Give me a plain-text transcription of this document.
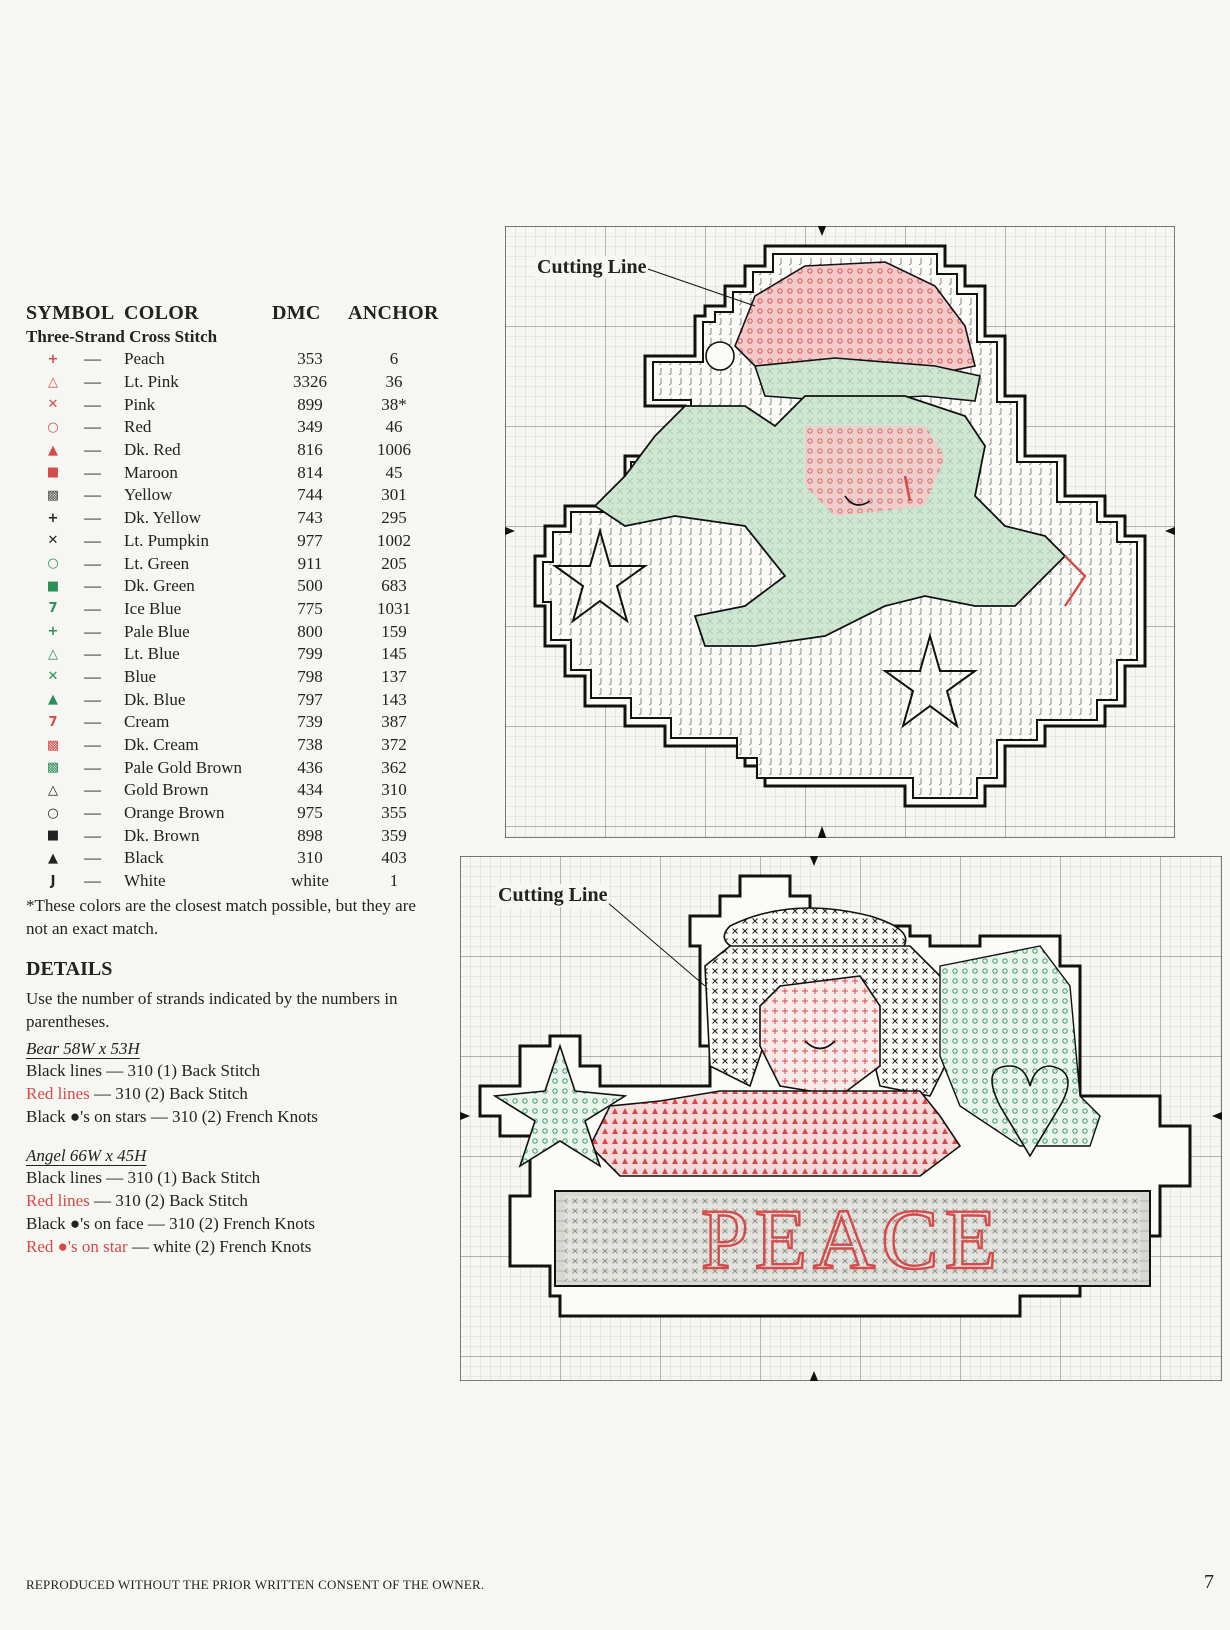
SYMBOL COLOR	DMC	ANCHOR
Three-Strand Cross Stitch
+	—	Peach	353	6
△	—	Lt. Pink	3326	36
✕	—	Pink	899	38*
○	—	Red	349	46
▲	—	Dk. Red	816	1006
■	—	Maroon	814	45
▩	—	Yellow	744	301
+	—	Dk. Yellow	743	295
✕	—	Lt. Pumpkin	977	1002
○	—	Lt. Green	911	205
■	—	Dk. Green	500	683
7	—	Ice Blue	775	1031
+	—	Pale Blue	800	159
△	—	Lt. Blue	799	145
✕	—	Blue	798	137
▲	—	Dk. Blue	797	143
7	—	Cream	739	387
▩	—	Dk. Cream	738	372
▩	—	Pale Gold Brown	436	362
△	—	Gold Brown	434	310
○	—	Orange Brown	975	355
■	—	Dk. Brown	898	359
▲	—	Black	310	403
J	—	White	white	1
*These colors are the closest match possible, but they are not an exact match.
DETAILS
Use the number of strands indicated by the numbers in parentheses.
Bear 58W x 53H
Black lines — 310 (1) Back Stitch
Red lines — 310 (2) Back Stitch
Black ●'s on stars — 310 (2) French Knots
Angel 66W x 45H
Black lines — 310 (1) Back Stitch
Red lines — 310 (2) Back Stitch
Black ●'s on face — 310 (2) French Knots
Red ●'s on star — white (2) French Knots
Cutting Line
PEACE
Cutting Line
REPRODUCED WITHOUT THE PRIOR WRITTEN CONSENT OF THE OWNER.	7
